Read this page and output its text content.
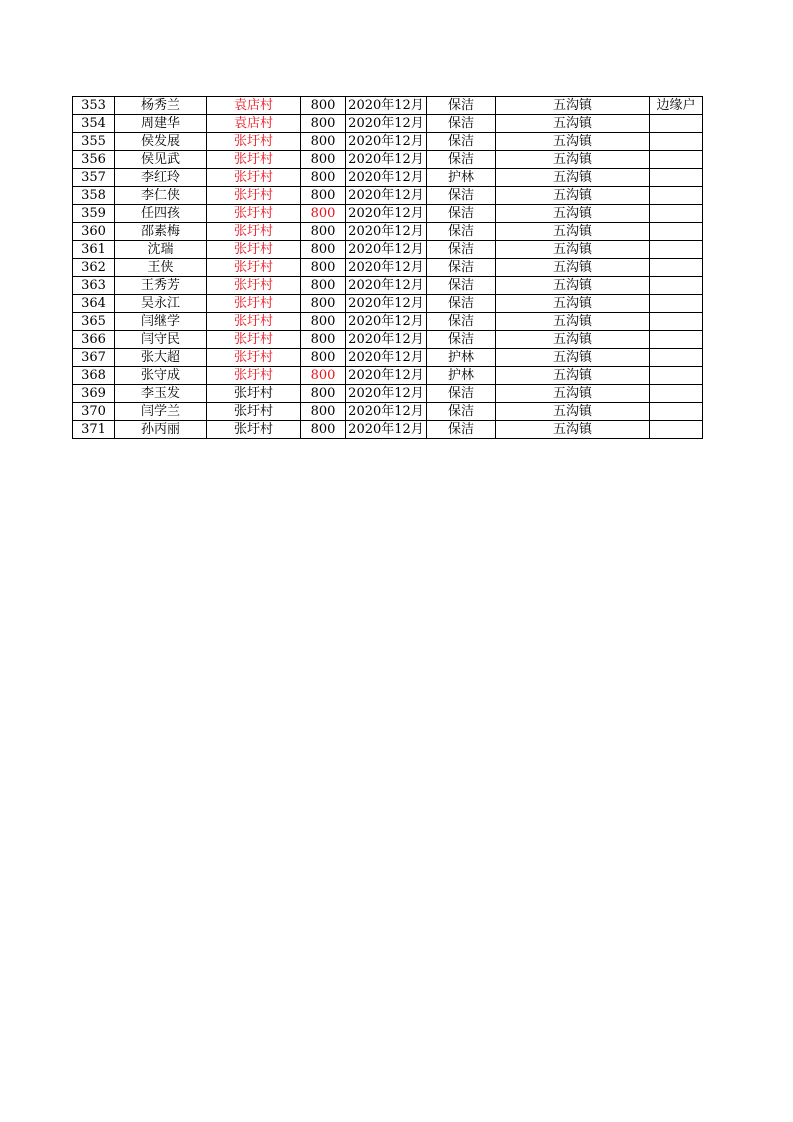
353	杨秀兰	袁店村	800	2020年12月	保洁	五沟镇	边缘户
354	周建华	袁店村	800	2020年12月	保洁	五沟镇	
355	侯发展	张圩村	800	2020年12月	保洁	五沟镇	
356	侯见武	张圩村	800	2020年12月	保洁	五沟镇	
357	李红玲	张圩村	800	2020年12月	护林	五沟镇	
358	李仁侠	张圩村	800	2020年12月	保洁	五沟镇	
359	任四孩	张圩村	800	2020年12月	保洁	五沟镇	
360	邵素梅	张圩村	800	2020年12月	保洁	五沟镇	
361	沈瑞	张圩村	800	2020年12月	保洁	五沟镇	
362	王侠	张圩村	800	2020年12月	保洁	五沟镇	
363	王秀芳	张圩村	800	2020年12月	保洁	五沟镇	
364	吴永江	张圩村	800	2020年12月	保洁	五沟镇	
365	闫继学	张圩村	800	2020年12月	保洁	五沟镇	
366	闫守民	张圩村	800	2020年12月	保洁	五沟镇	
367	张大超	张圩村	800	2020年12月	护林	五沟镇	
368	张守成	张圩村	800	2020年12月	护林	五沟镇	
369	李玉发	张圩村	800	2020年12月	保洁	五沟镇	
370	闫学兰	张圩村	800	2020年12月	保洁	五沟镇	
371	孙丙丽	张圩村	800	2020年12月	保洁	五沟镇	
